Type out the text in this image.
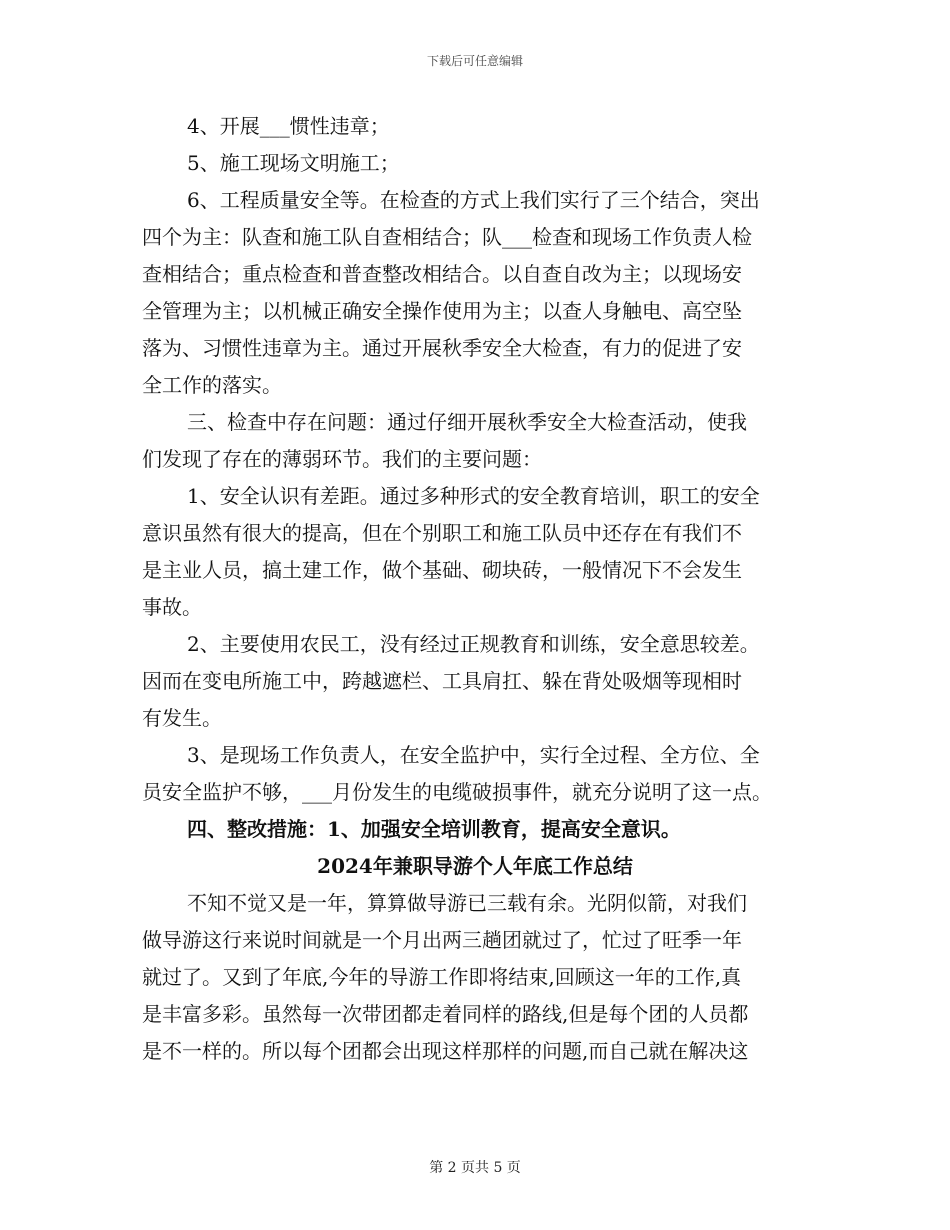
下载后可任意编辑
4、开展___惯性违章；
5、施工现场文明施工；
6、工程质量安全等。在检查的方式上我们实行了三个结合，突出
四个为主：队查和施工队自查相结合；队___检查和现场工作负责人检
查相结合；重点检查和普查整改相结合。以自查自改为主；以现场安
全管理为主；以机械正确安全操作使用为主；以查人身触电、高空坠
落为、习惯性违章为主。通过开展秋季安全大检查，有力的促进了安
全工作的落实。
三、检查中存在问题：通过仔细开展秋季安全大检查活动，使我
们发现了存在的薄弱环节。我们的主要问题：
1、安全认识有差距。通过多种形式的安全教育培训，职工的安全
意识虽然有很大的提高，但在个别职工和施工队员中还存在有我们不
是主业人员，搞土建工作，做个基础、砌块砖，一般情况下不会发生
事故。
2、主要使用农民工，没有经过正规教育和训练，安全意思较差。
因而在变电所施工中，跨越遮栏、工具肩扛、躲在背处吸烟等现相时
有发生。
3、是现场工作负责人，在安全监护中，实行全过程、全方位、全
员安全监护不够，___月份发生的电缆破损事件，就充分说明了这一点。
四、整改措施：1、加强安全培训教育，提高安全意识。
2024年兼职导游个人年底工作总结
不知不觉又是一年，算算做导游已三载有余。光阴似箭，对我们
做导游这行来说时间就是一个月出两三趟团就过了，忙过了旺季一年
就过了。又到了年底,今年的导游工作即将结束,回顾这一年的工作,真
是丰富多彩。虽然每一次带团都走着同样的路线,但是每个团的人员都
是不一样的。所以每个团都会出现这样那样的问题,而自己就在解决这
第 2 页共 5 页
